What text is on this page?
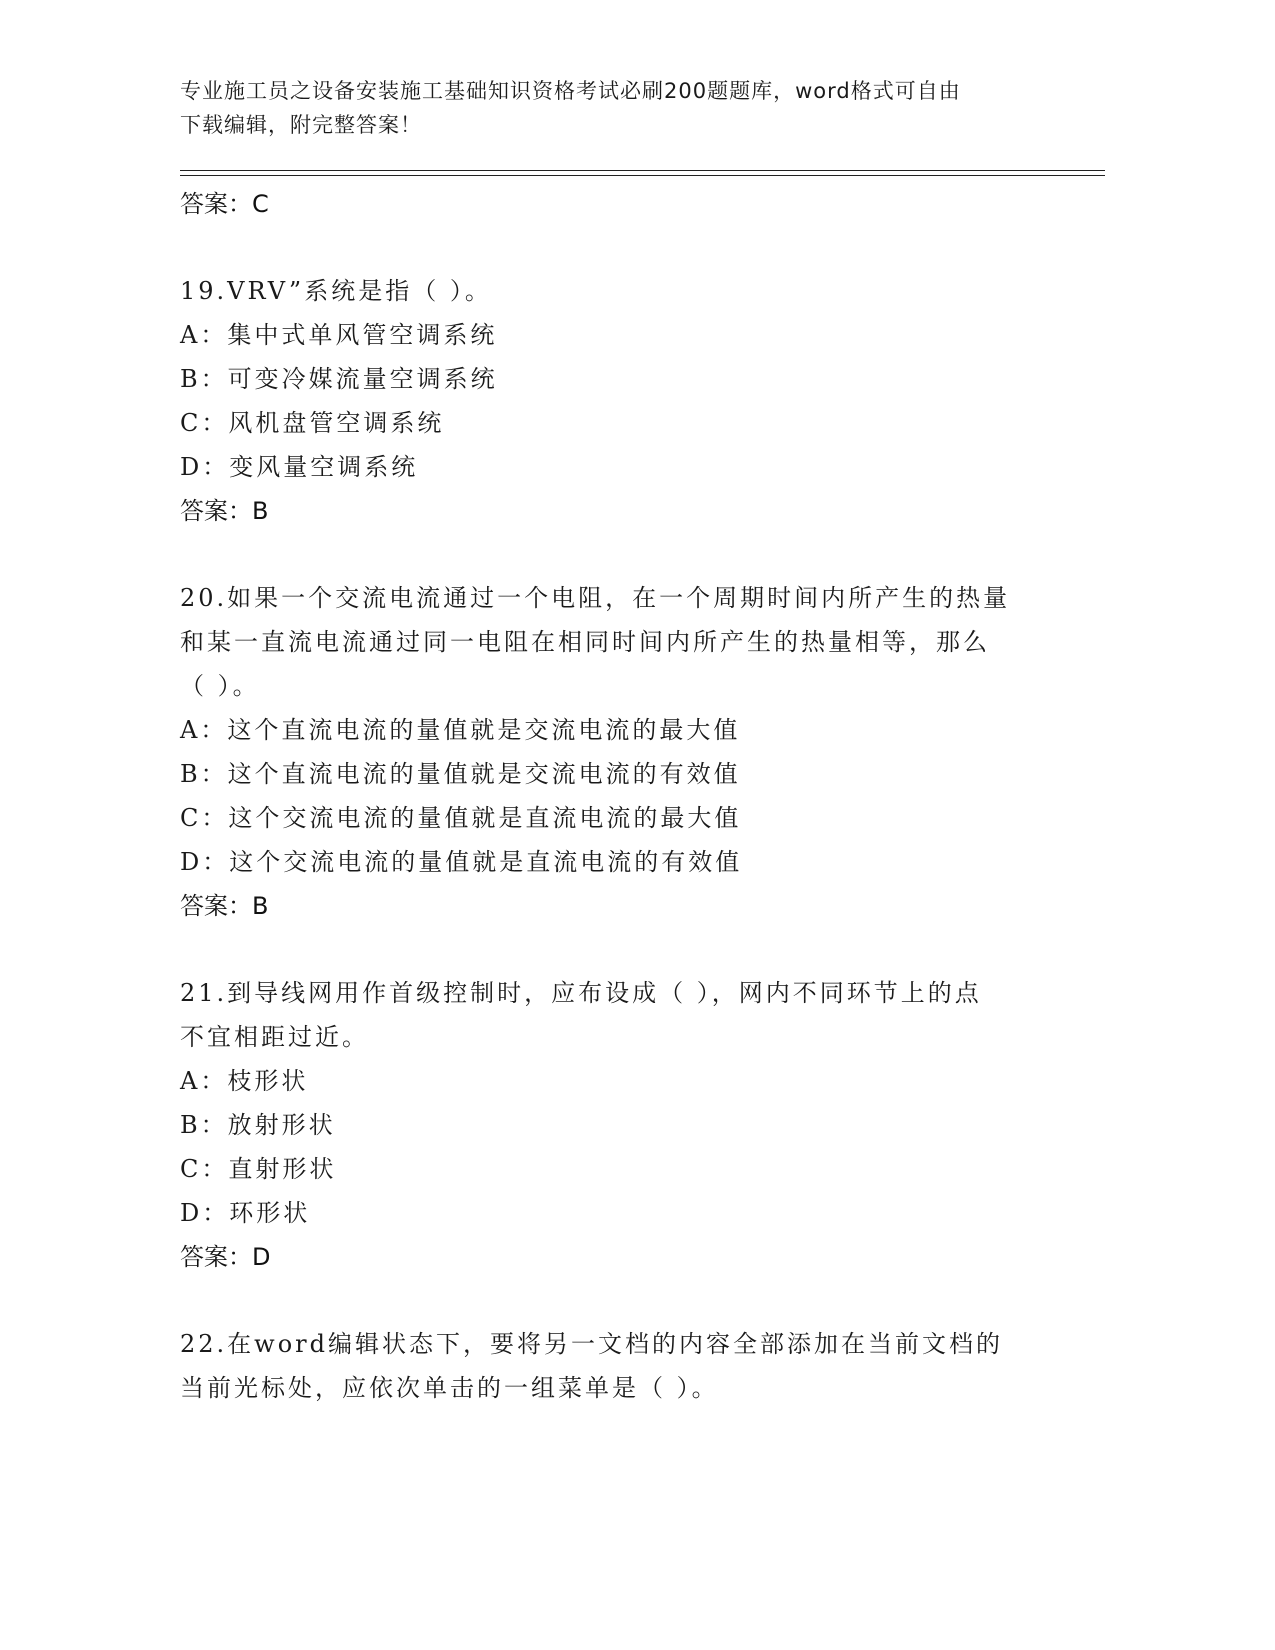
专业施工员之设备安装施工基础知识资格考试必刷200题题库，word格式可自由
下载编辑，附完整答案！

答案：C

19.VRV”系统是指（ ）。

A：集中式单风管空调系统

B：可变冷媒流量空调系统

C：风机盘管空调系统

D：变风量空调系统

答案：B

20.如果一个交流电流通过一个电阻，在一个周期时间内所产生的热量

和某一直流电流通过同一电阻在相同时间内所产生的热量相等，那么

（ ）。

A：这个直流电流的量值就是交流电流的最大值

B：这个直流电流的量值就是交流电流的有效值

C：这个交流电流的量值就是直流电流的最大值

D：这个交流电流的量值就是直流电流的有效值

答案：B

21.到导线网用作首级控制时，应布设成（ ），网内不同环节上的点

不宜相距过近。

A：枝形状

B：放射形状

C：直射形状

D：环形状

答案：D

22.在word编辑状态下，要将另一文档的内容全部添加在当前文档的

当前光标处，应依次单击的一组菜单是（ ）。
